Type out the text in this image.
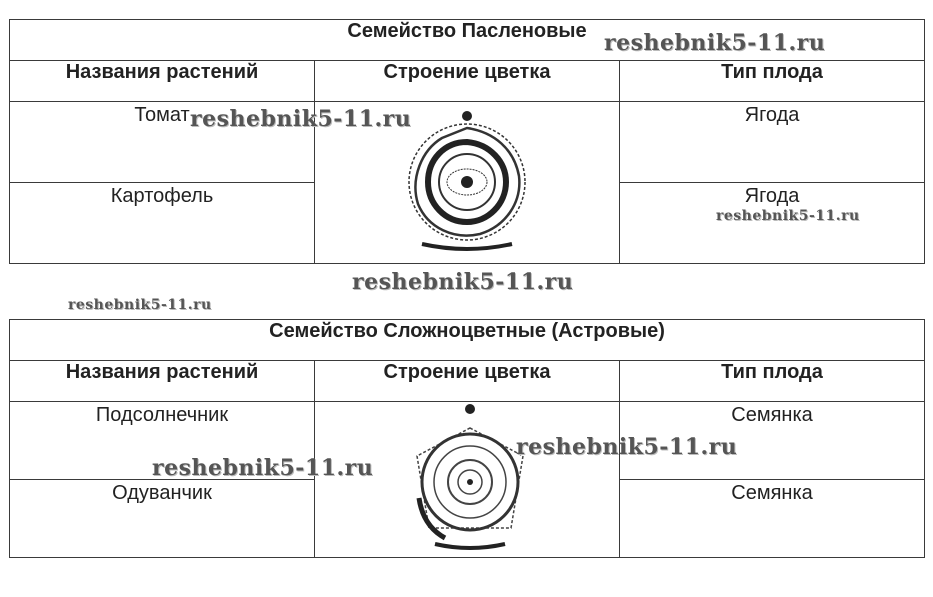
Семейство Пасленовые		
Названия растений	Строение цветка	Тип плода

Томат		Ягода

Картофель		Ягода
Семейство Сложноцветные (Астровые)		
Названия растений	Строение цветка	Тип плода

Подсолнечник		Семянка

Одуванчик		Семянка
reshebnik5-11.ru
reshebnik5-11.ru
reshebnik5-11.ru
reshebnik5-11.ru
reshebnik5-11.ru
reshebnik5-11.ru
reshebnik5-11.ru
